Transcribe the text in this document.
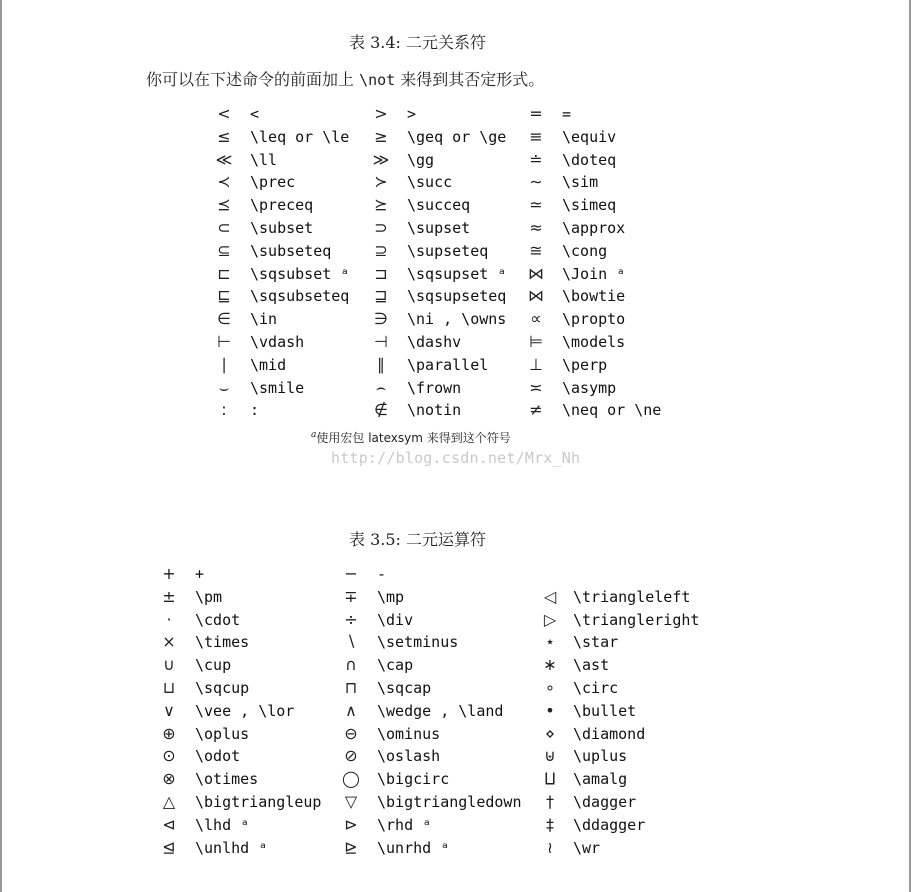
表 3.4: 二元关系符
你可以在下述命令的前面加上 \not 来得到其否定形式。
<	<	>	>	=	=
≤	\leq or \le	≥	\geq or \ge	≡	\equiv
≪	\ll	≫	\gg	≐	\doteq
≺	\prec	≻	\succ	∼	\sim
⪯	\preceq	⪰	\succeq	≃	\simeq
⊂	\subset	⊃	\supset	≈	\approx
⊆	\subseteq	⊇	\supseteq	≅	\cong
⊏	\sqsubset ᵃ	⊐	\sqsupset ᵃ	⋈	\Join ᵃ
⊑	\sqsubseteq	⊒	\sqsupseteq	⋈	\bowtie
∈	\in	∋	\ni , \owns	∝	\propto
⊢	\vdash	⊣	\dashv	⊨	\models
∣	\mid	∥	\parallel	⊥	\perp
⌣	\smile	⌢	\frown	≍	\asymp
:	:	∉	\notin	≠	\neq or \ne
$^a$使用宏包 latexsym 来得到这个符号
http://blog.csdn.net/Mrx_Nh
表 3.5: 二元运算符
+	+	−	-
±	\pm	∓	\mp	◁	\triangleleft
·	\cdot	÷	\div	▷	\triangleright
×	\times	∖	\setminus	⋆	\star
∪	\cup	∩	\cap	∗	\ast
⊔	\sqcup	⊓	\sqcap	∘	\circ
∨	\vee , \lor	∧	\wedge , \land	•	\bullet
⊕	\oplus	⊖	\ominus	⋄	\diamond
⊙	\odot	⊘	\oslash	⊎	\uplus
⊗	\otimes	◯	\bigcirc	⨿	\amalg
△	\bigtriangleup	▽	\bigtriangledown	†	\dagger
⊲	\lhd ᵃ	⊳	\rhd ᵃ	‡	\ddagger
⊴	\unlhd ᵃ	⊵	\unrhd ᵃ	≀	\wr
